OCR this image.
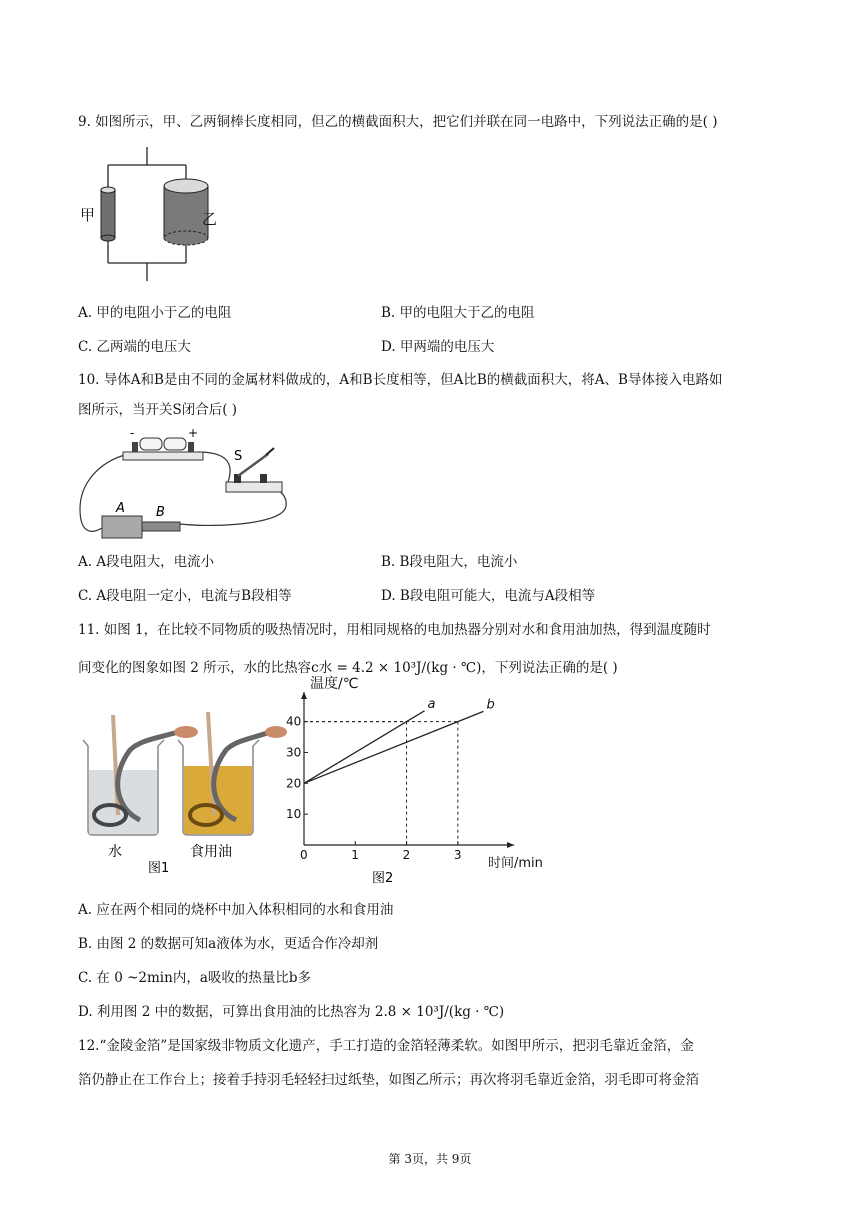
9. 如图所示，甲、乙两铜棒长度相同，但乙的横截面积大，把它们并联在同一电路中，下列说法正确的是( )
甲	乙
A. 甲的电阻小于乙的电阻	B. 甲的电阻大于乙的电阻
C. 乙两端的电压大	D. 甲两端的电压大
10. 导体A和B是由不同的金属材料做成的，A和B长度相等，但A比B的横截面积大，将A、B导体接入电路如
图所示，当开关S闭合后( )
-	+
S
A B
A. A段电阻大，电流小	B. B段电阻大，电流小
C. A段电阻一定小，电流与B段相等	D. B段电阻可能大，电流与A段相等
11. 如图 1，在比较不同物质的吸热情况时，用相同规格的电加热器分别对水和食用油加热，得到温度随时
间变化的图象如图 2 所示，水的比热容c水 = 4.2 × 10³J/(kg · ℃)，下列说法正确的是( )
水	食用油
图1
0	1	2	3
10
20
30
40
温度/℃
时间/min
a	b
图2
A. 应在两个相同的烧杯中加入体积相同的水和食用油
B. 由图 2 的数据可知a液体为水，更适合作冷却剂
C. 在 0 ~2min内，a吸收的热量比b多
D. 利用图 2 中的数据，可算出食用油的比热容为 2.8 × 10³J/(kg · ℃)
12.“金陵金箔”是国家级非物质文化遗产，手工打造的金箔轻薄柔软。如图甲所示，把羽毛靠近金箔，金
箔仍静止在工作台上；接着手持羽毛轻轻扫过纸垫，如图乙所示；再次将羽毛靠近金箔，羽毛即可将金箔
第 3页，共 9页
